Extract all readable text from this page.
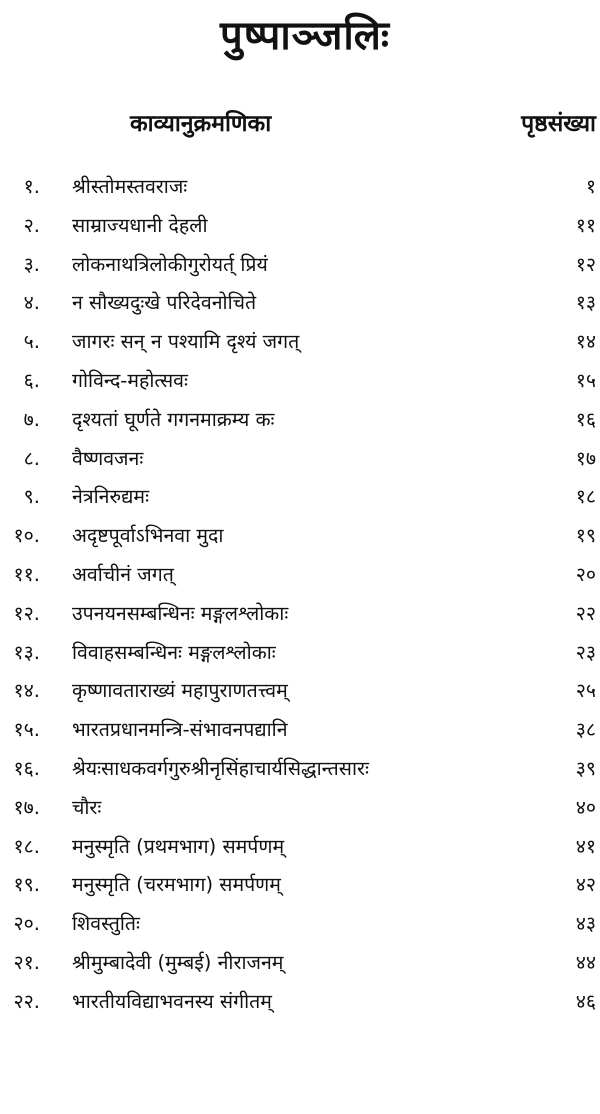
पुष्पाञ्जलिः
काव्यानुक्रमणिका	पृष्ठसंख्या
१. श्रीस्तोमस्तवराजः	१
२. साम्राज्यधानी देहली	११
३. लोकनाथत्रिलोकीगुरोयर्त् प्रियं	१२
४. न सौख्यदुःखे परिदेवनोचिते	१३
५. जागरः सन् न पश्यामि दृश्यं जगत्	१४
६. गोविन्द-महोत्सवः	१५
७. दृश्यतां घूर्णते गगनमाक्रम्य कः	१६
८. वैष्णवजनः	१७
९. नेत्रनिरुद्यमः	१८
१०. अदृष्टपूर्वाऽभिनवा मुदा	१९
११. अर्वाचीनं जगत्	२०
१२. उपनयनसम्बन्धिनः मङ्गलश्लोकाः	२२
१३. विवाहसम्बन्धिनः मङ्गलश्लोकाः	२३
१४. कृष्णावताराख्यं महापुराणतत्त्वम्	२५
१५. भारतप्रधानमन्त्रि-संभावनपद्यानि	३८
१६. श्रेयःसाधकवर्गगुरुश्रीनृसिंहाचार्यसिद्धान्तसारः	३९
१७. चौरः	४०
१८. मनुस्मृति (प्रथमभाग) समर्पणम्	४१
१९. मनुस्मृति (चरमभाग) समर्पणम्	४२
२०. शिवस्तुतिः	४३
२१. श्रीमुम्बादेवी (मुम्बई) नीराजनम्	४४
२२. भारतीयविद्याभवनस्य संगीतम्	४६
